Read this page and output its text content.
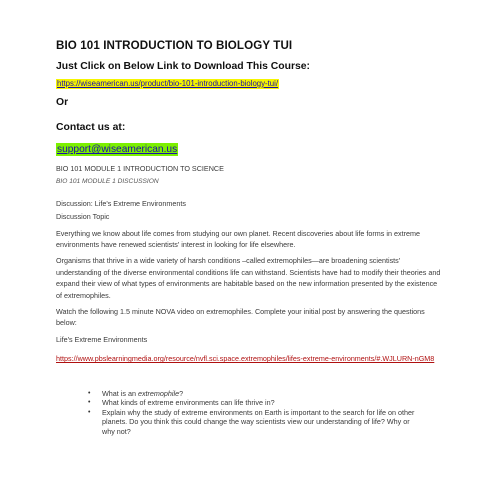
BIO 101 INTRODUCTION TO BIOLOGY TUI
Just Click on Below Link to Download This Course:
https://wiseamerican.us/product/bio-101-introduction-biology-tui/
Or
Contact us at:
support@wiseamerican.us

BIO 101 MODULE 1 INTRODUCTION TO SCIENCE

BIO 101 MODULE 1 DISCUSSION

Discussion: Life's Extreme Environments

Discussion Topic

Everything we know about life comes from studying our own planet. Recent discoveries about life forms in extreme environments have renewed scientists' interest in looking for life elsewhere.

Organisms that thrive in a wide variety of harsh conditions –called extremophiles—are broadening scientists' understanding of the diverse environmental conditions life can withstand. Scientists have had to modify their theories and expand their view of what types of environments are habitable based on the new information presented by the existence of extremophiles.

Watch the following 1.5 minute NOVA video on extremophiles. Complete your initial post by answering the questions below:

Life's Extreme Environments

https://www.pbslearningmedia.org/resource/nvfl.sci.space.extremophiles/lifes-extreme-environments/#.WJLURN-nGM8
• What is an extremophile?
• What kinds of extreme environments can life thrive in?
• Explain why the study of extreme environments on Earth is important to the search for life on other planets. Do you think this could change the way scientists view our understanding of life? Why or why not?
